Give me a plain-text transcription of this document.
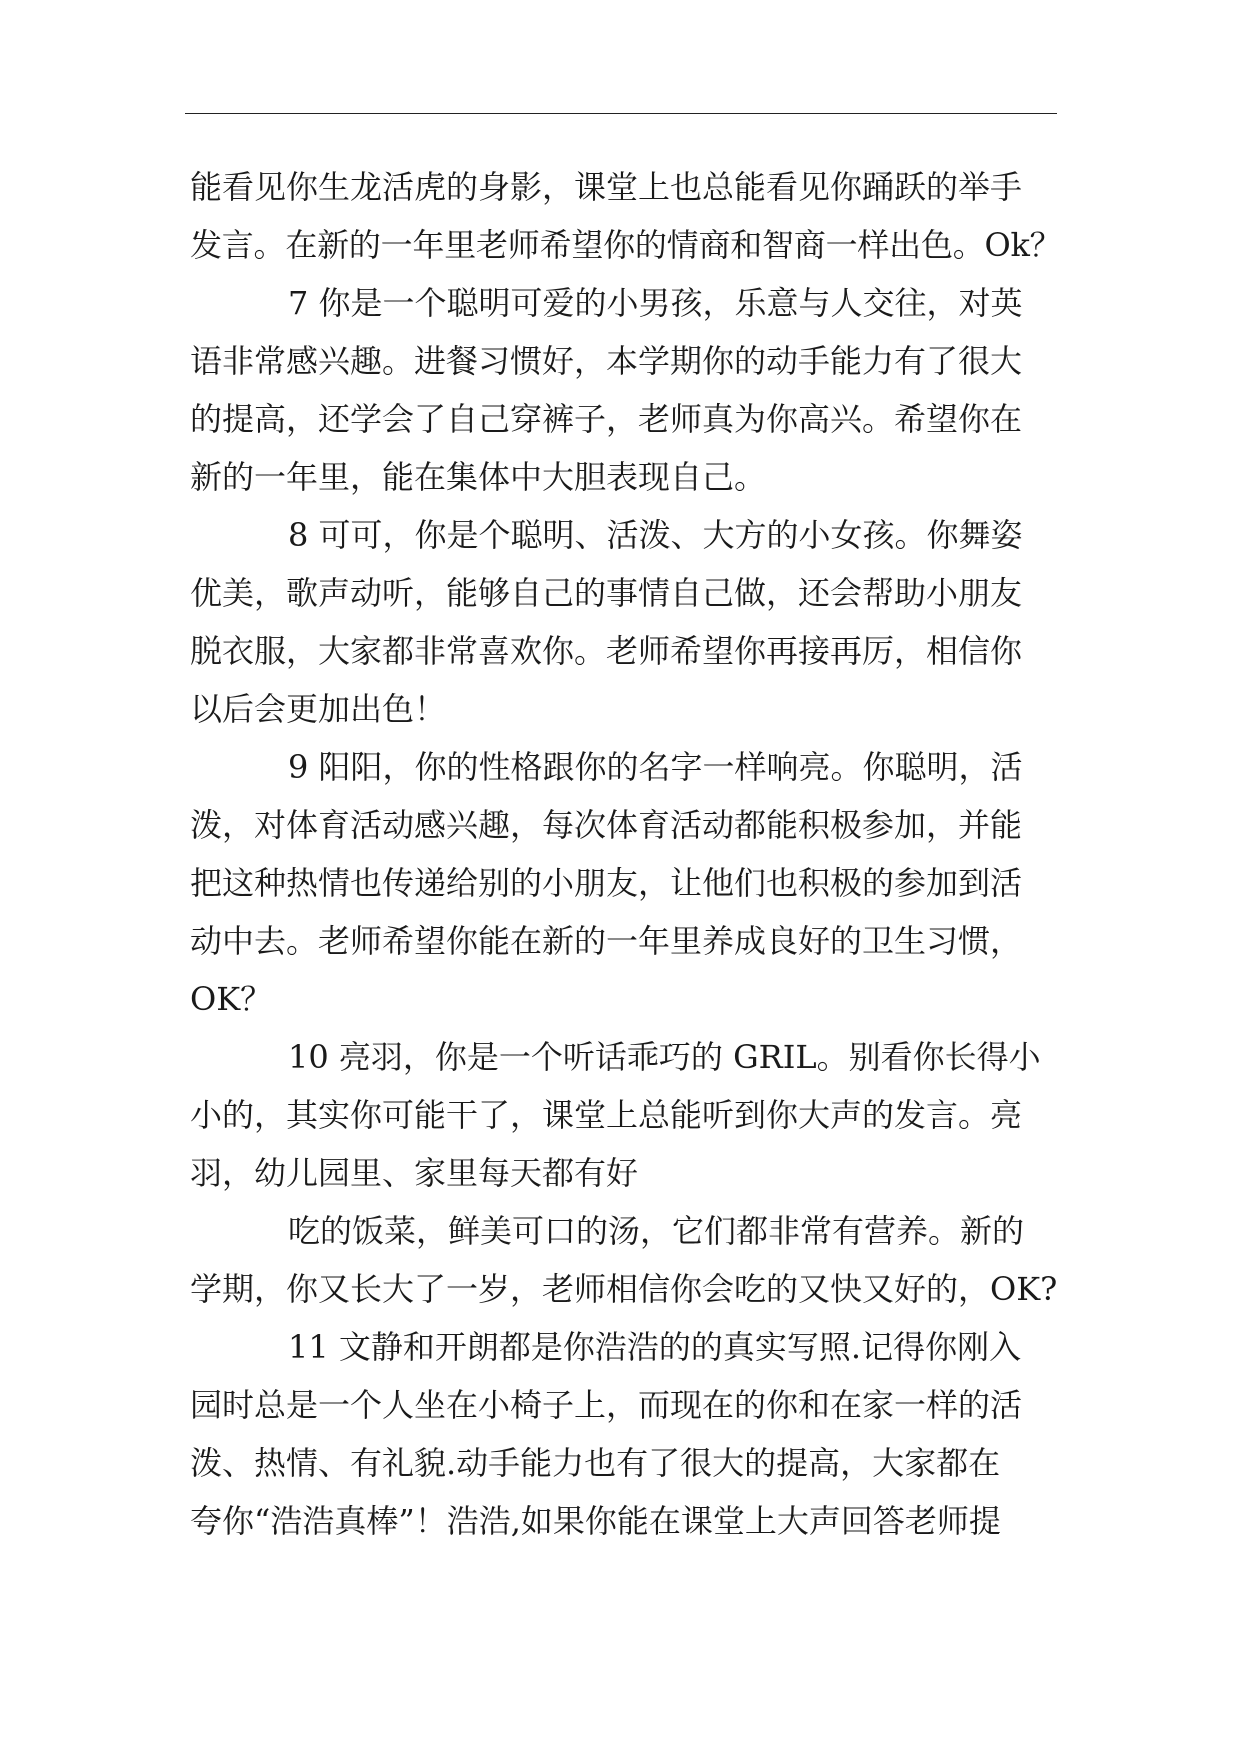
能看见你生龙活虎的身影，课堂上也总能看见你踊跃的举手
发言。在新的一年里老师希望你的情商和智商一样出色。Ok？
7 你是一个聪明可爱的小男孩，乐意与人交往，对英
语非常感兴趣。进餐习惯好，本学期你的动手能力有了很大
的提高，还学会了自己穿裤子，老师真为你高兴。希望你在
新的一年里，能在集体中大胆表现自己。
8 可可，你是个聪明、活泼、大方的小女孩。你舞姿
优美，歌声动听，能够自己的事情自己做，还会帮助小朋友
脱衣服，大家都非常喜欢你。老师希望你再接再厉，相信你
以后会更加出色！
9 阳阳，你的性格跟你的名字一样响亮。你聪明，活
泼，对体育活动感兴趣，每次体育活动都能积极参加，并能
把这种热情也传递给别的小朋友，让他们也积极的参加到活
动中去。老师希望你能在新的一年里养成良好的卫生习惯，
OK？
10 亮羽，你是一个听话乖巧的 GRIL。别看你长得小
小的，其实你可能干了，课堂上总能听到你大声的发言。亮
羽，幼儿园里、家里每天都有好
吃的饭菜，鲜美可口的汤，它们都非常有营养。新的
学期，你又长大了一岁，老师相信你会吃的又快又好的，OK?
11 文静和开朗都是你浩浩的的真实写照.记得你刚入
园时总是一个人坐在小椅子上，而现在的你和在家一样的活
泼、热情、有礼貌.动手能力也有了很大的提高，大家都在
夸你“浩浩真棒”！浩浩,如果你能在课堂上大声回答老师提
